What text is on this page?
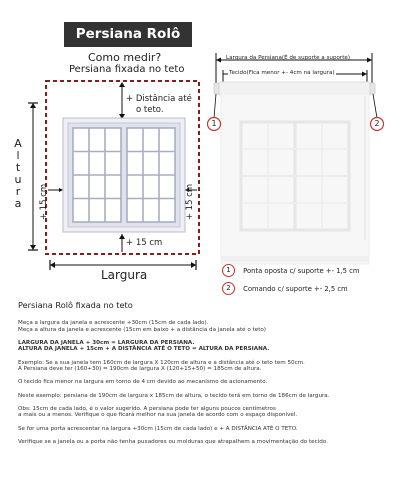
Persiana Rolô
Como medir?
Persiana fixada no teto
+ Distância até
o teto.
A
l
t
u
r
a	+ 15 cm	+ 15 cm
+ 15 cm
Largura
1	2
Largura da Persiana(É de suporte a suporte)
Tecido(Fica menor +- 4cm na largura)
1 Ponta oposta c/ suporte +- 1,5 cm
2 Comando c/ suporte +- 2,5 cm
Persiana Rolô fixada no teto

Meça a largura da janela e acrescente +30cm (15cm de cada lado).

Meça a altura da janela e acrescente (15cm em baixo + a distância da janela até o teto)

LARGURA DA JANELA + 30cm = LARGURA DA PERSIANA.

ALTURA DA JANELA + 15cm + A DISTÂNCIA ATÉ O TETO = ALTURA DA PERSIANA.

Exemplo: Se a sua janela tem 160cm de largura X 120cm de altura e a distância até o teto tem 50cm.

A Persiana deve ter (160+30) = 190cm de largura X (120+15+50) = 185cm de altura.

O tecido fica menor na largura em torno de 4 cm devido ao mecanismo de acionamento.

Neste exemplo: persiana de 190cm de largura x 185cm de altura, o tecido terá em torno de 186cm de largura.

Obs: 15cm de cada lado, é o valor sugerido. A persiana pode ter alguns poucos centímetros

a mais ou a menos. Verifique o que ficará melhor na sua janela de acordo com o espaço disponível.

Se for uma porta acrescentar na largura +30cm (15cm de cada lado) e + A DISTÂNCIA ATÉ O TETO.

Verifique se a janela ou a porta não tenha puxadores ou molduras que atrapalhem a movimentação do tecido.
